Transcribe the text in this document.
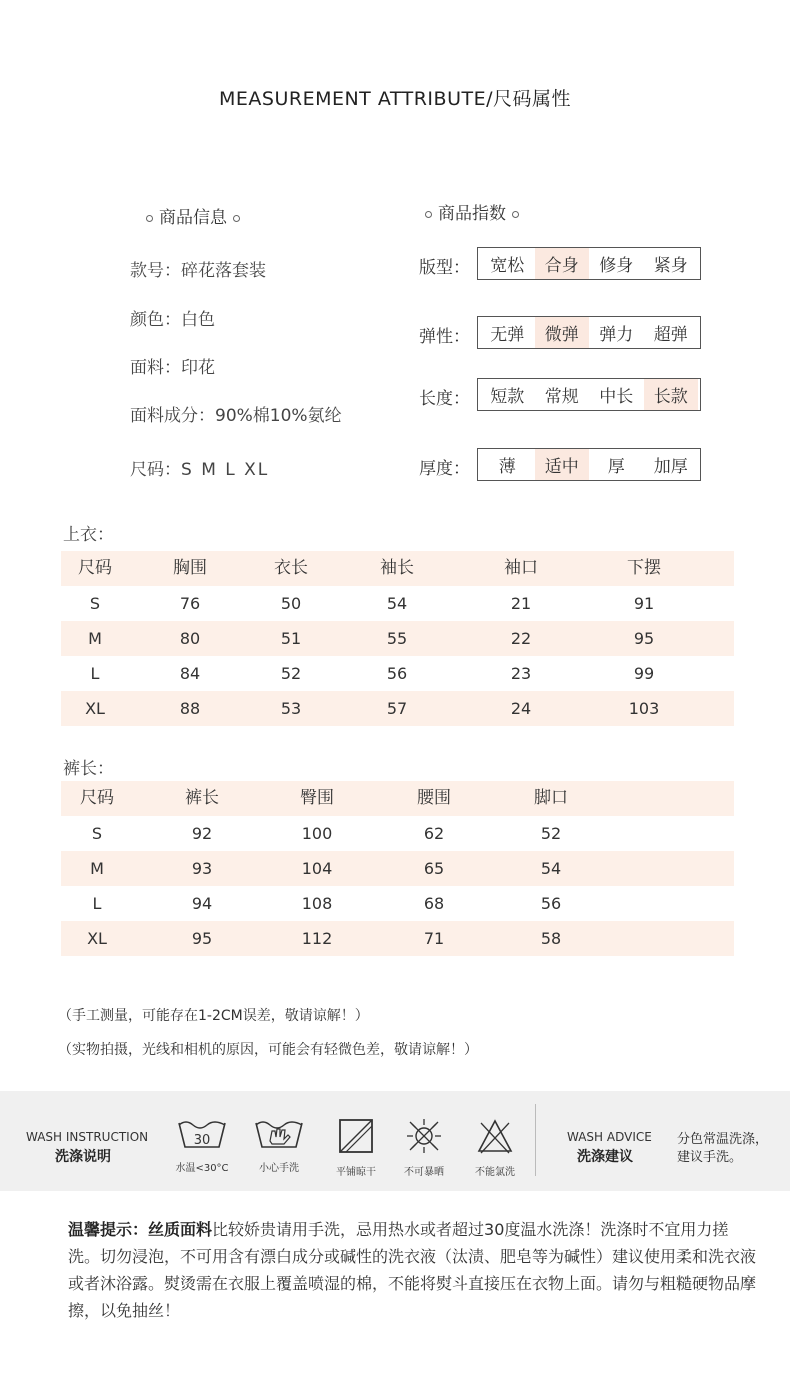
MEASUREMENT ATTRIBUTE/尺码属性
商品信息
款号：碎花落套装
颜色：白色
面料：印花
面料成分：90%棉10%氨纶
尺码：S M L XL
商品指数
版型：	宽松	合身	修身	紧身
弹性：	无弹	微弹	弹力	超弹
长度：	短款	常规	中长	长款
厚度：	薄	适中	厚	加厚
上衣：
尺码	胸围	衣长	袖长	袖口	下摆
S	76	50	54	21	91
M	80	51	55	22	95
L	84	52	56	23	99
XL	88	53	57	24	103
裤长：
尺码	裤长	臀围	腰围	脚口
S	92	100	62	52
M	93	104	65	54
L	94	108	68	56
XL	95	112	71	58
（手工测量，可能存在1-2CM误差，敬请谅解！）
（实物拍摄，光线和相机的原因，可能会有轻微色差，敬请谅解！）
WASH INSTRUCTION
洗涤说明
30
水温<30°C	小心手洗	平铺晾干	不可暴晒	不能氯洗
WASH ADVICE
洗涤建议
分色常温洗涤，
建议手洗。
温馨提示：丝质面料比较娇贵请用手洗，忌用热水或者超过30度温水洗涤！洗涤时不宜用力搓洗。切勿浸泡，不可用含有漂白成分或碱性的洗衣液（汰渍、肥皂等为碱性）建议使用柔和洗衣液或者沐浴露。熨烫需在衣服上覆盖喷湿的棉，不能将熨斗直接压在衣物上面。请勿与粗糙硬物品摩擦，以免抽丝！
